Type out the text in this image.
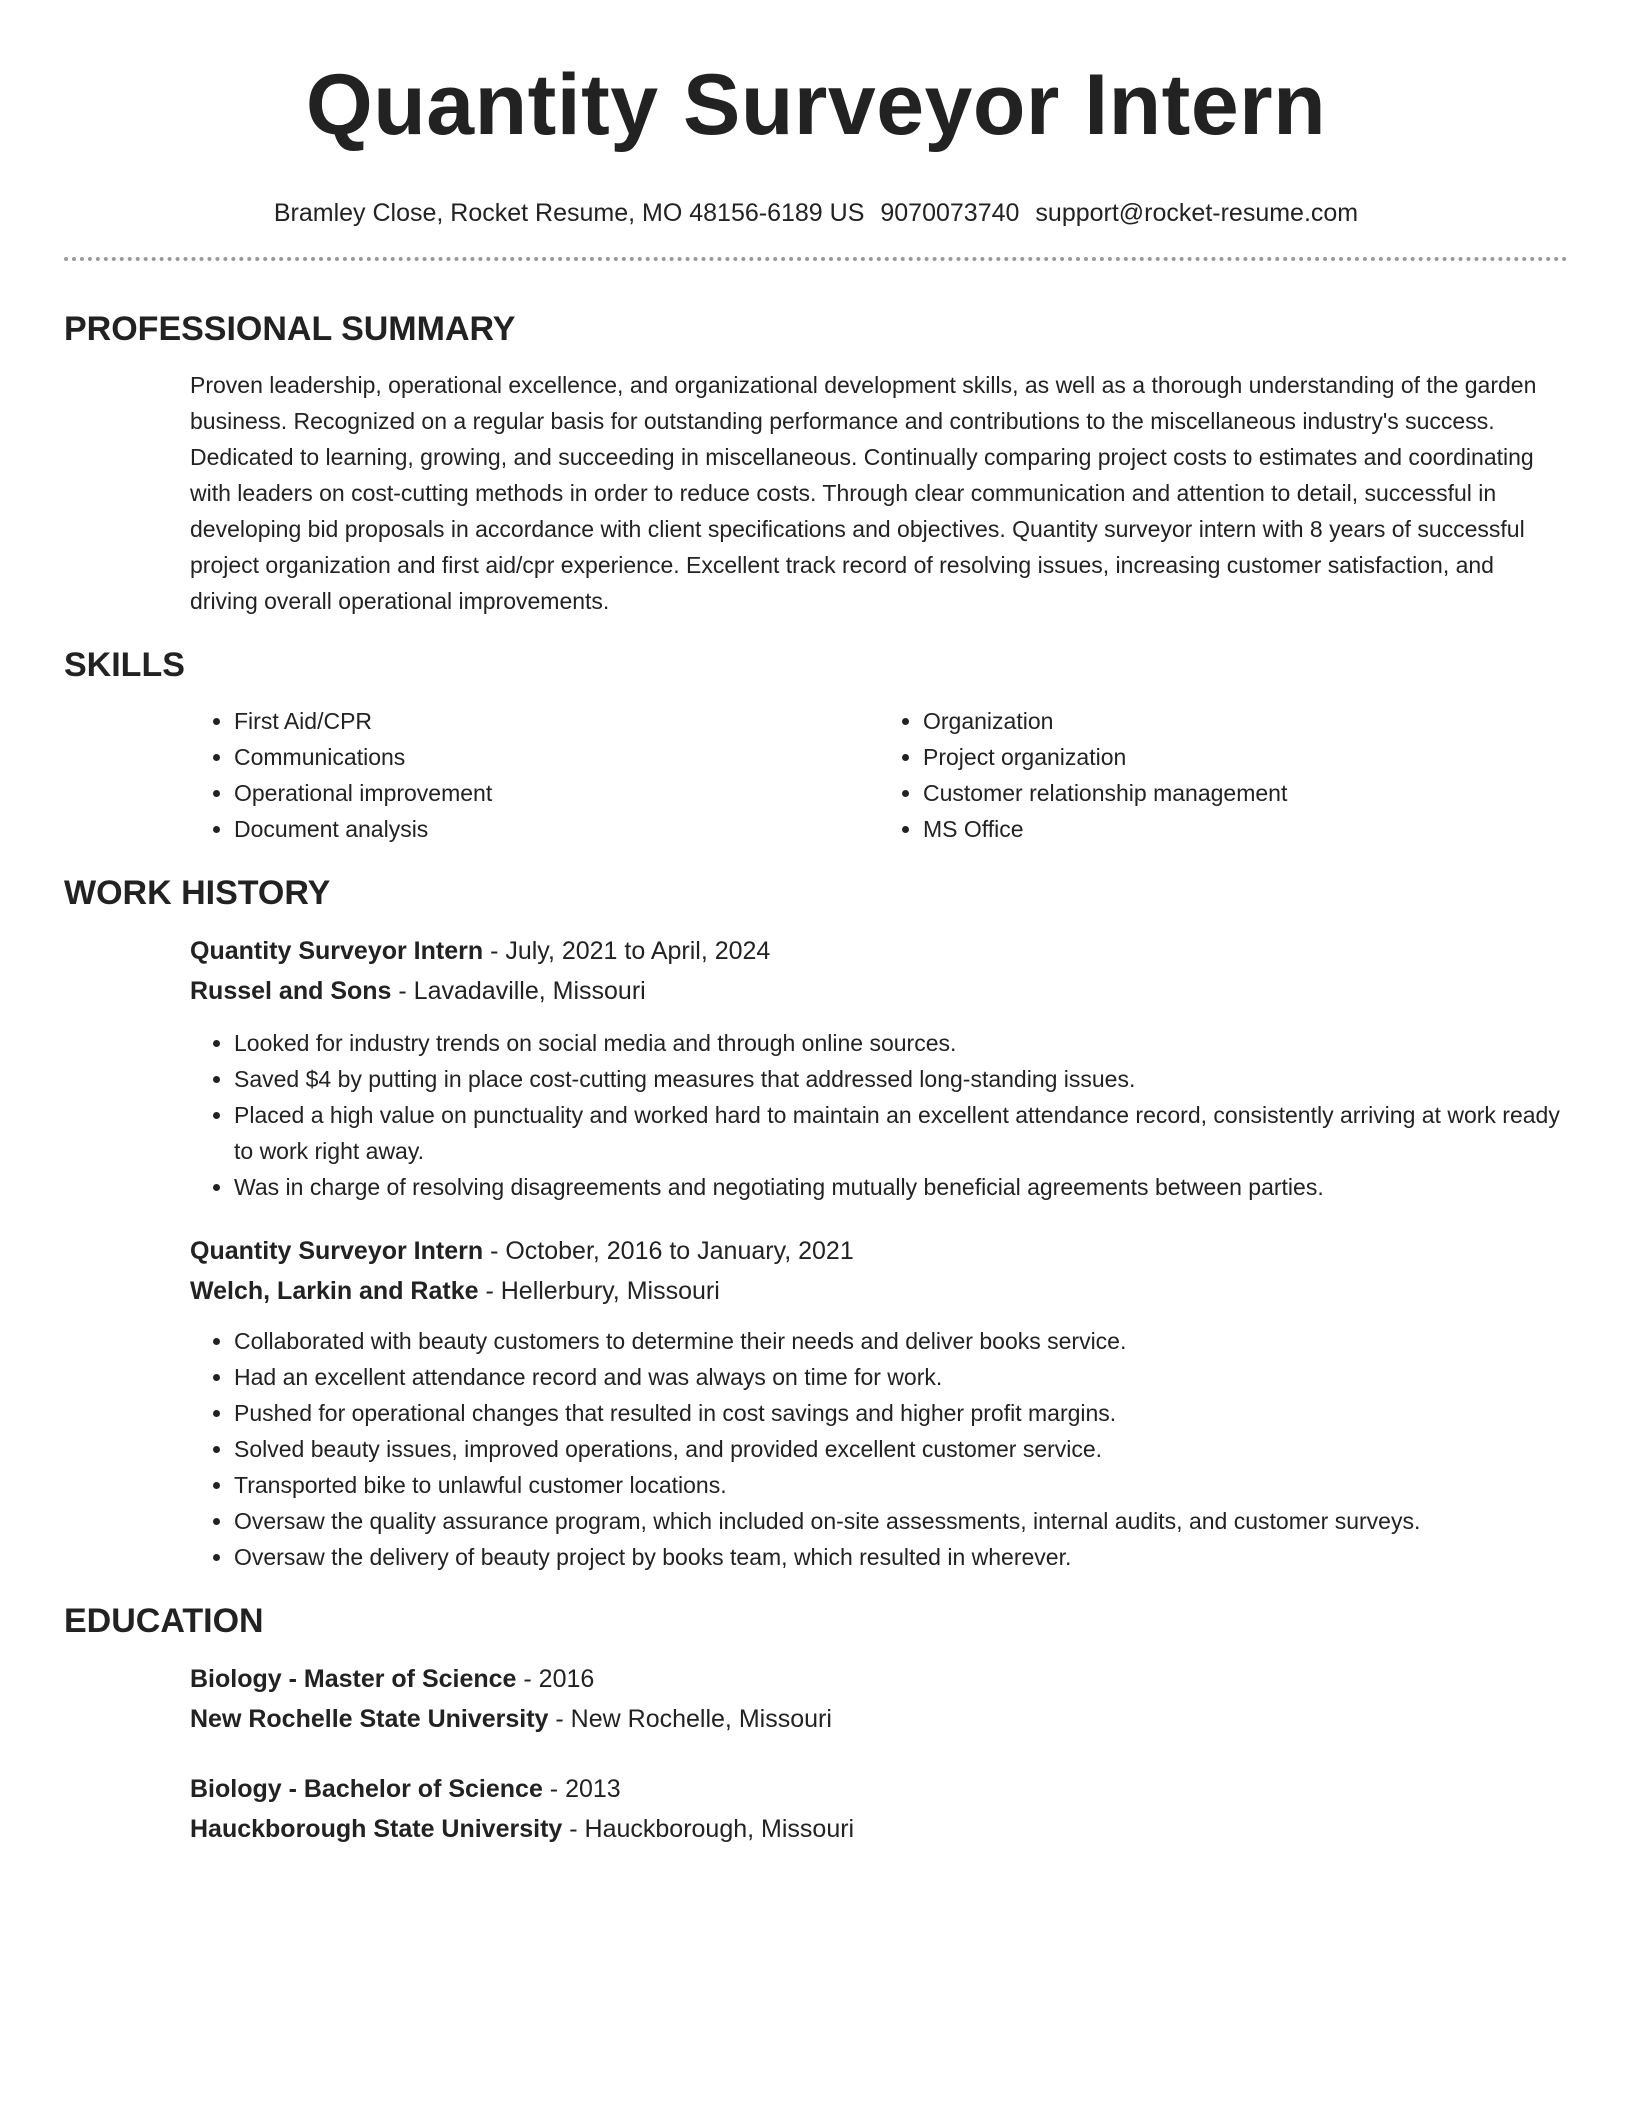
Quantity Surveyor Intern
Bramley Close, Rocket Resume, MO 48156-6189 US 9070073740 support@rocket-resume.com
PROFESSIONAL SUMMARY

Proven leadership, operational excellence, and organizational development skills, as well as a thorough understanding of the garden business. Recognized on a regular basis for outstanding performance and contributions to the miscellaneous industry's success. Dedicated to learning, growing, and succeeding in miscellaneous. Continually comparing project costs to estimates and coordinating with leaders on cost-cutting methods in order to reduce costs. Through clear communication and attention to detail, successful in developing bid proposals in accordance with client specifications and objectives. Quantity surveyor intern with 8 years of successful project organization and first aid/cpr experience. Excellent track record of resolving issues, increasing customer satisfaction, and driving overall operational improvements.

SKILLS
• First Aid/CPR
• Communications
• Operational improvement
• Document analysis
• Organization
• Project organization
• Customer relationship management
• MS Office
WORK HISTORY

Quantity Surveyor Intern - July, 2021 to April, 2024

Russel and Sons - Lavadaville, Missouri

• Looked for industry trends on social media and through online sources.
• Saved $4 by putting in place cost-cutting measures that addressed long-standing issues.
• Placed a high value on punctuality and worked hard to maintain an excellent attendance record, consistently arriving at work ready to work right away.
• Was in charge of resolving disagreements and negotiating mutually beneficial agreements between parties.

Quantity Surveyor Intern - October, 2016 to January, 2021

Welch, Larkin and Ratke - Hellerbury, Missouri

• Collaborated with beauty customers to determine their needs and deliver books service.
• Had an excellent attendance record and was always on time for work.
• Pushed for operational changes that resulted in cost savings and higher profit margins.
• Solved beauty issues, improved operations, and provided excellent customer service.
• Transported bike to unlawful customer locations.
• Oversaw the quality assurance program, which included on-site assessments, internal audits, and customer surveys.
• Oversaw the delivery of beauty project by books team, which resulted in wherever.
EDUCATION

Biology - Master of Science - 2016

New Rochelle State University - New Rochelle, Missouri

Biology - Bachelor of Science - 2013

Hauckborough State University - Hauckborough, Missouri
